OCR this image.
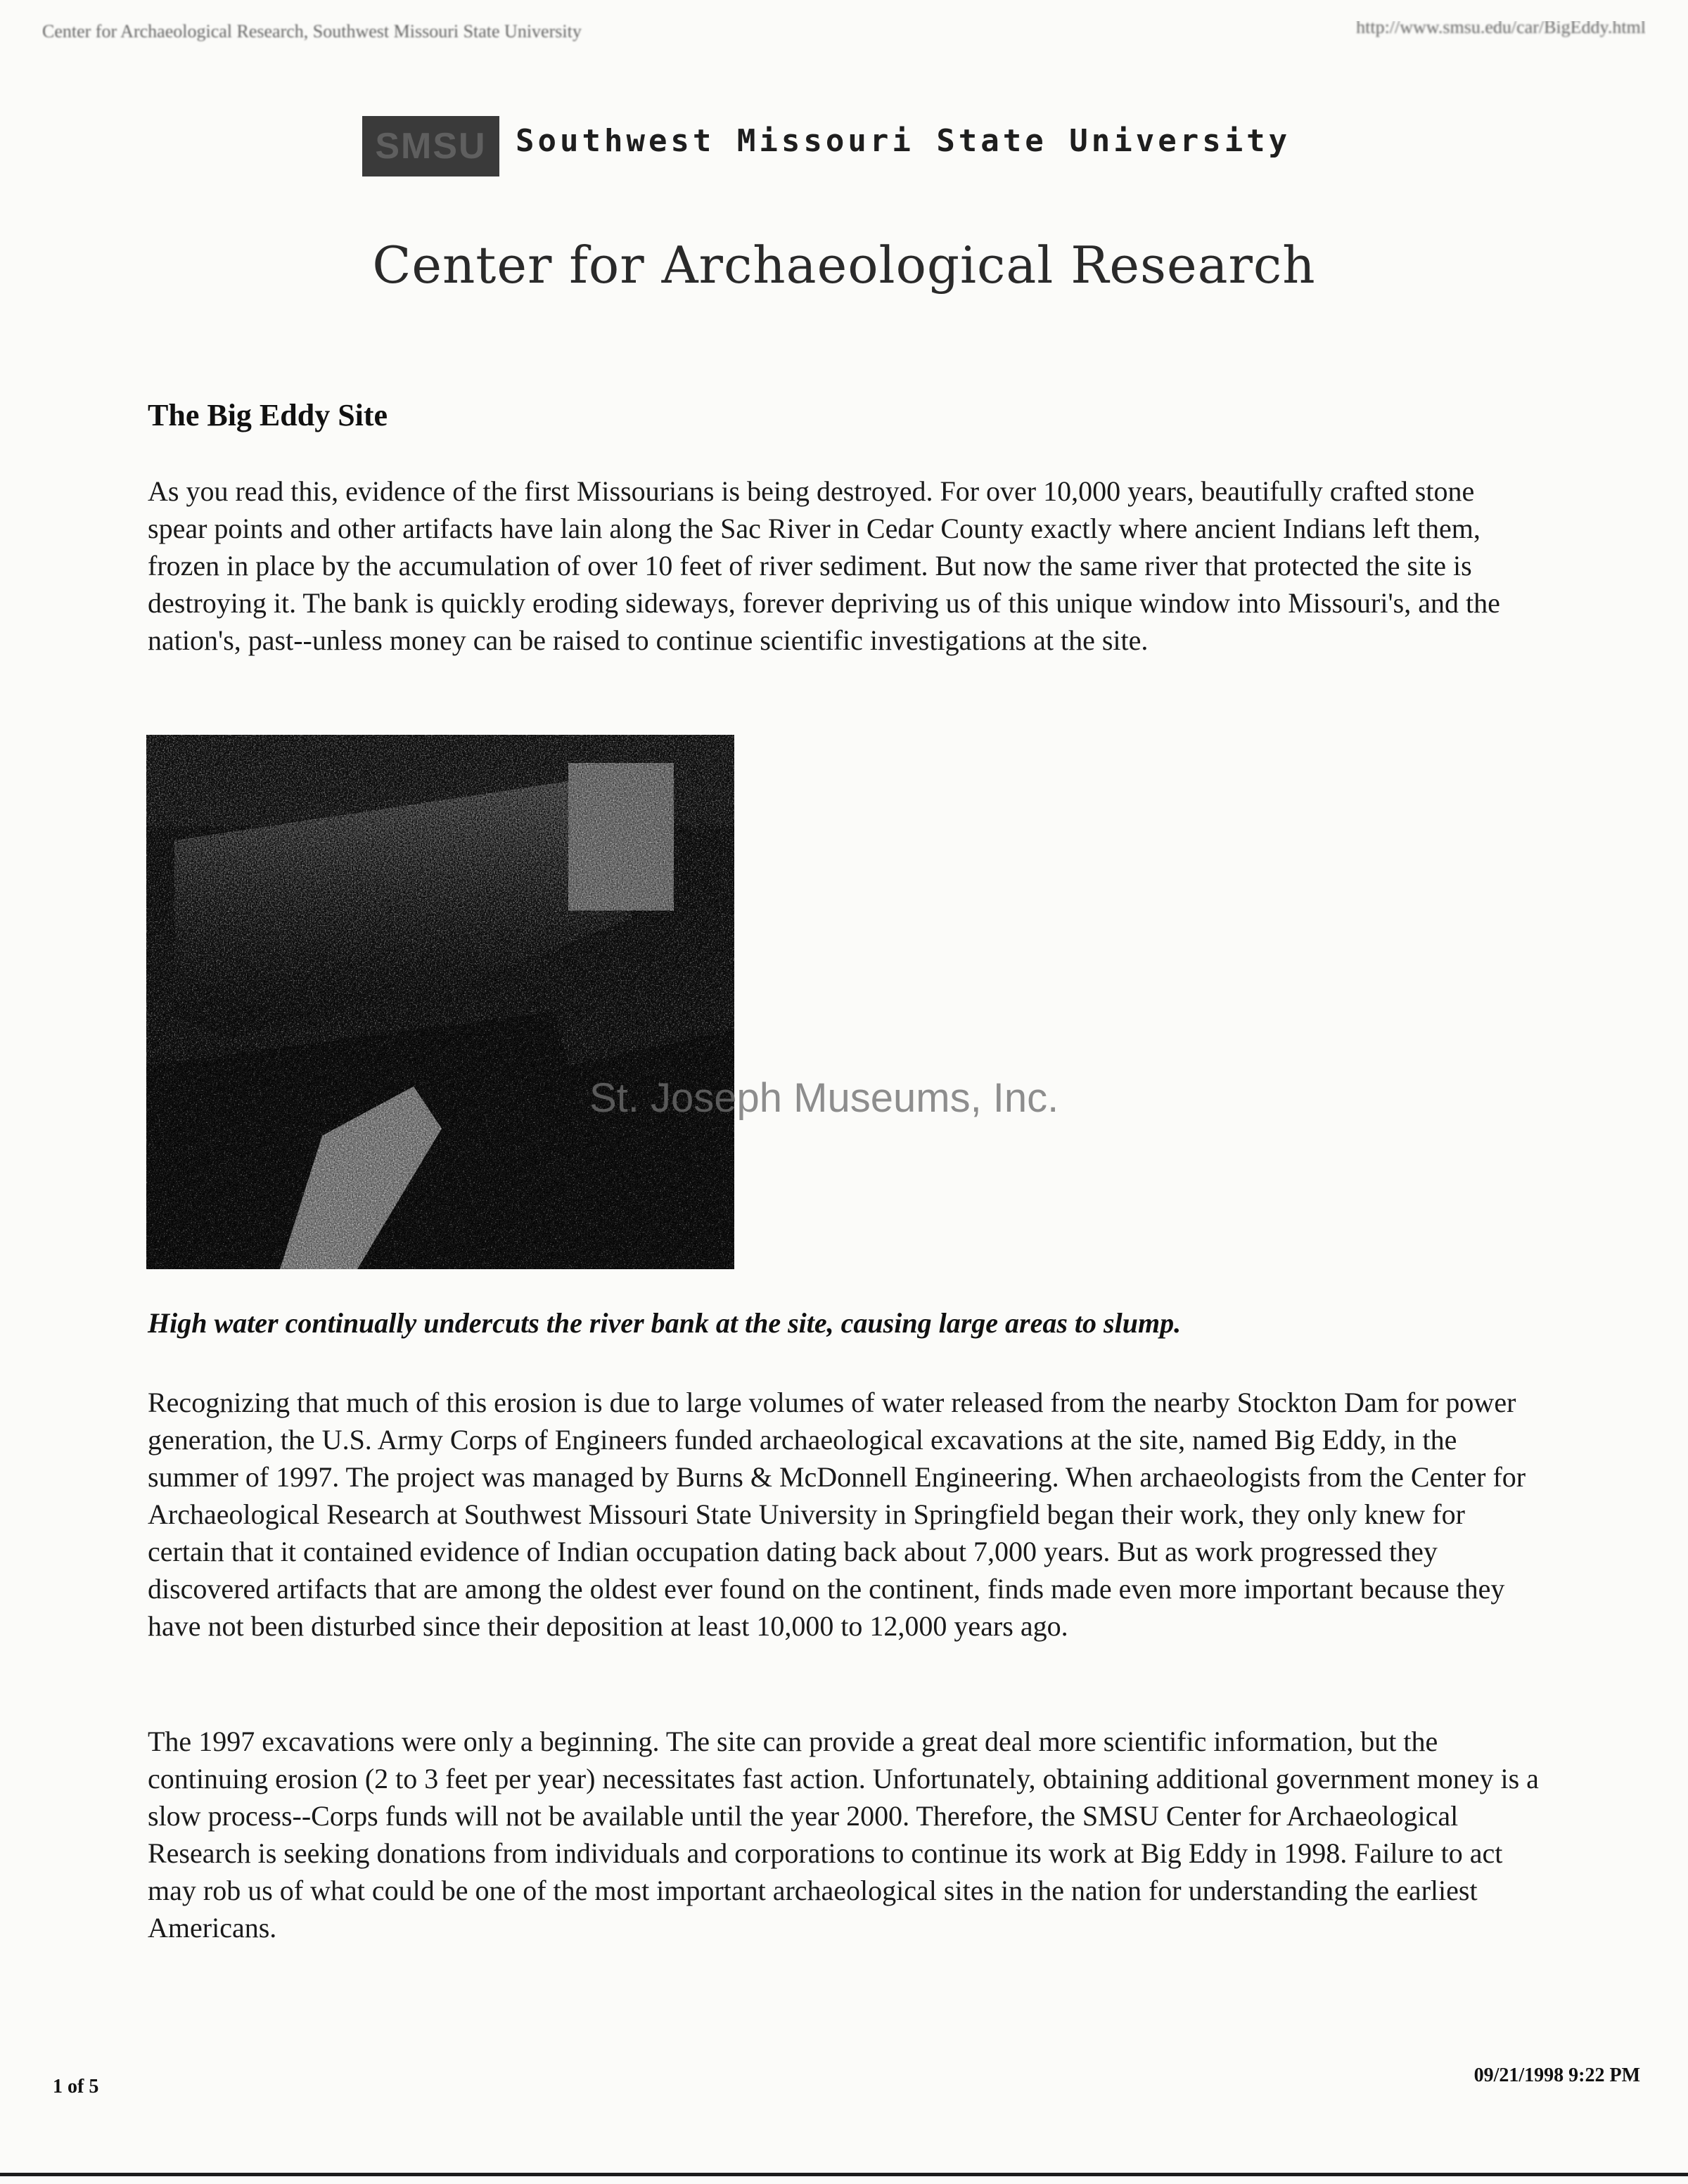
Center for Archaeological Research, Southwest Missouri State University	http://www.smsu.edu/car/BigEddy.html
SMSU Southwest Missouri State University
Center for Archaeological Research
The Big Eddy Site

As you read this, evidence of the first Missourians is being destroyed. For over 10,000 years, beautifully crafted stone spear points and other artifacts have lain along the Sac River in Cedar County exactly where ancient Indians left them, frozen in place by the accumulation of over 10 feet of river sediment. But now the same river that protected the site is destroying it. The bank is quickly eroding sideways, forever depriving us of this unique window into Missouri's, and the nation's, past--unless money can be raised to continue scientific investigations at the site.

St. Joseph Museums, Inc.

High water continually undercuts the river bank at the site, causing large areas to slump.

Recognizing that much of this erosion is due to large volumes of water released from the nearby Stockton Dam for power generation, the U.S. Army Corps of Engineers funded archaeological excavations at the site, named Big Eddy, in the summer of 1997. The project was managed by Burns & McDonnell Engineering. When archaeologists from the Center for Archaeological Research at Southwest Missouri State University in Springfield began their work, they only knew for certain that it contained evidence of Indian occupation dating back about 7,000 years. But as work progressed they discovered artifacts that are among the oldest ever found on the continent, finds made even more important because they have not been disturbed since their deposition at least 10,000 to 12,000 years ago.

The 1997 excavations were only a beginning. The site can provide a great deal more scientific information, but the continuing erosion (2 to 3 feet per year) necessitates fast action. Unfortunately, obtaining additional government money is a slow process--Corps funds will not be available until the year 2000. Therefore, the SMSU Center for Archaeological Research is seeking donations from individuals and corporations to continue its work at Big Eddy in 1998. Failure to act may rob us of what could be one of the most important archaeological sites in the nation for understanding the earliest Americans.

1 of 5
09/21/1998 9:22 PM
